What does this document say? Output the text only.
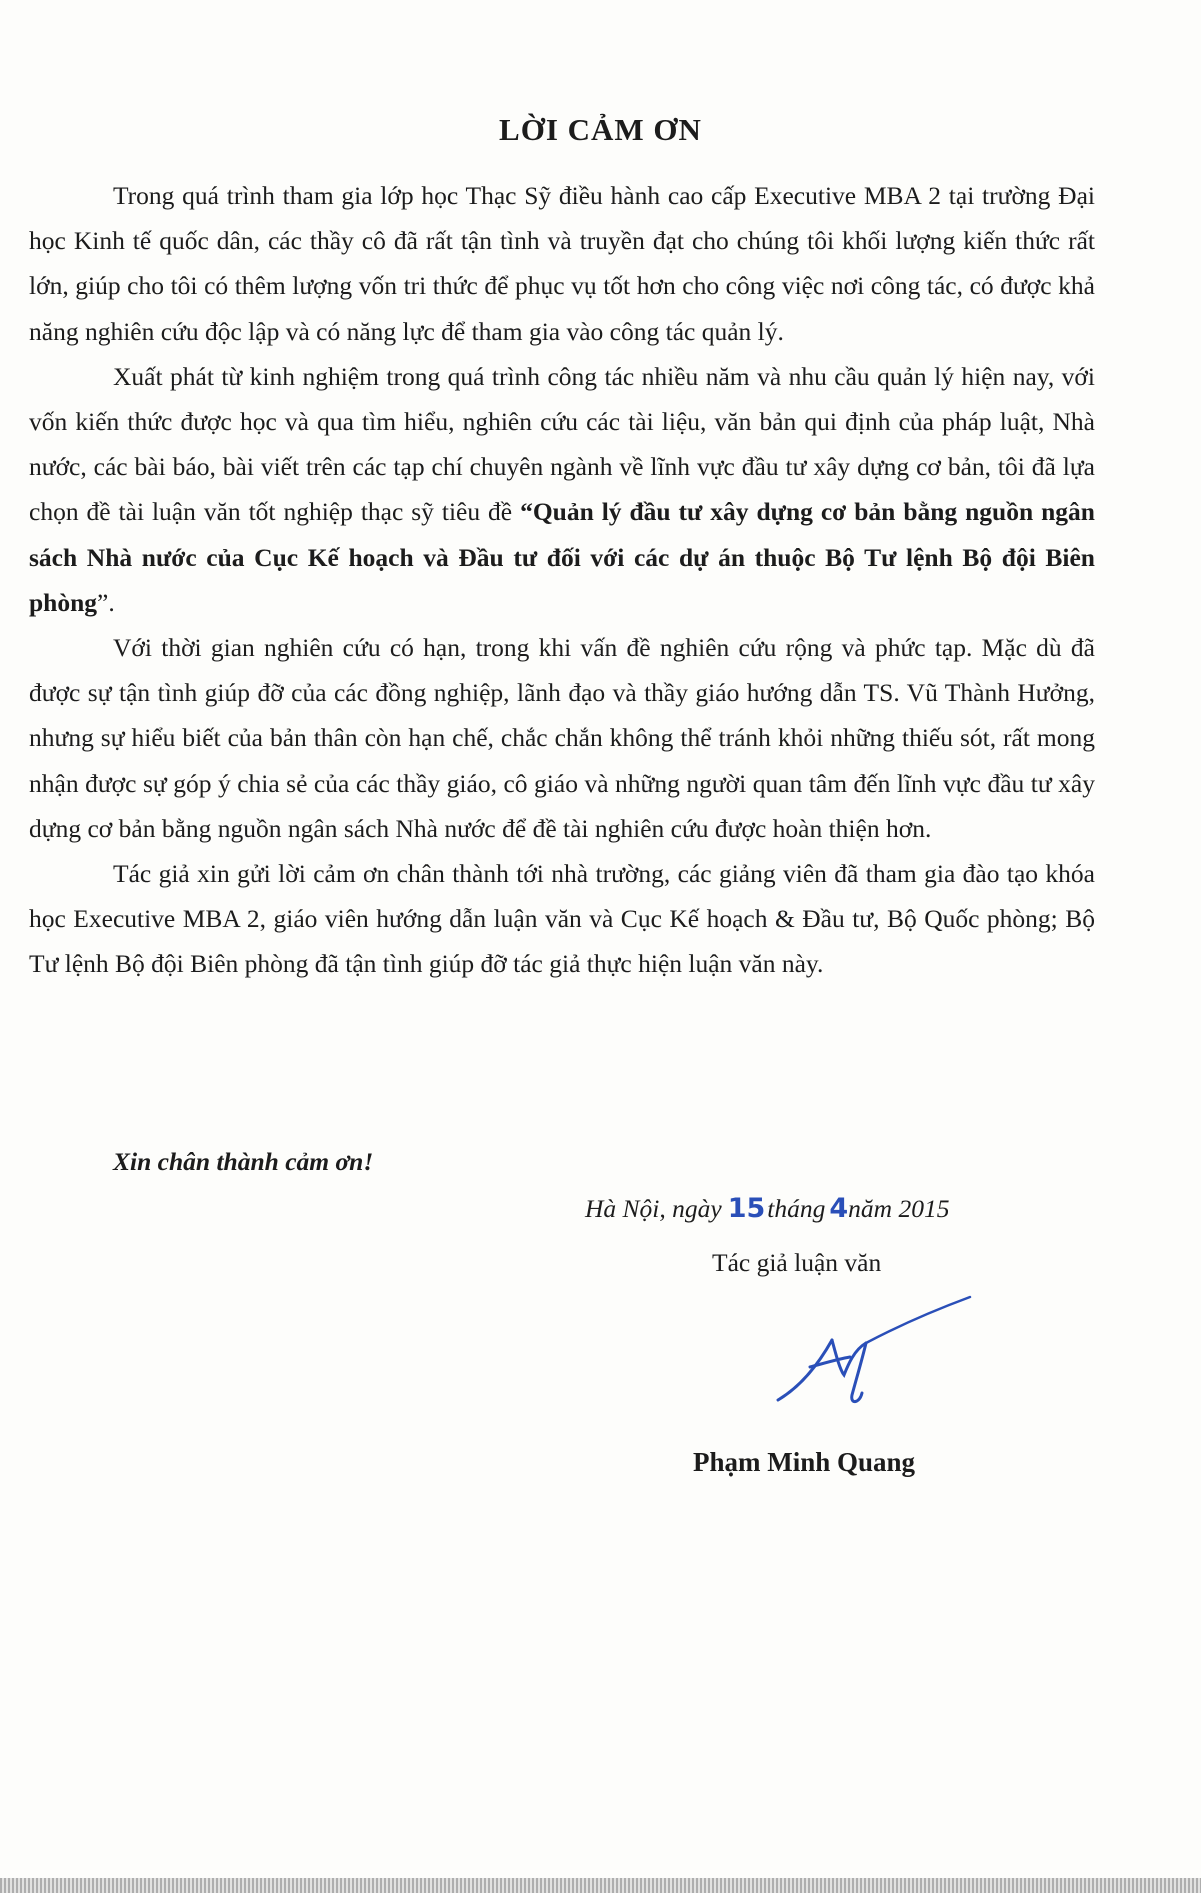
LỜI CẢM ƠN

Trong quá trình tham gia lớp học Thạc Sỹ điều hành cao cấp Executive MBA 2 tại trường Đại học Kinh tế quốc dân, các thầy cô đã rất tận tình và truyền đạt cho chúng tôi khối lượng kiến thức rất lớn, giúp cho tôi có thêm lượng vốn tri thức để phục vụ tốt hơn cho công việc nơi công tác, có được khả năng nghiên cứu độc lập và có năng lực để tham gia vào công tác quản lý.

Xuất phát từ kinh nghiệm trong quá trình công tác nhiều năm và nhu cầu quản lý hiện nay, với vốn kiến thức được học và qua tìm hiểu, nghiên cứu các tài liệu, văn bản qui định của pháp luật, Nhà nước, các bài báo, bài viết trên các tạp chí chuyên ngành về lĩnh vực đầu tư xây dựng cơ bản, tôi đã lựa chọn đề tài luận văn tốt nghiệp thạc sỹ tiêu đề “Quản lý đầu tư xây dựng cơ bản bằng nguồn ngân sách Nhà nước của Cục Kế hoạch và Đầu tư đối với các dự án thuộc Bộ Tư lệnh Bộ đội Biên phòng”.

Với thời gian nghiên cứu có hạn, trong khi vấn đề nghiên cứu rộng và phức tạp. Mặc dù đã được sự tận tình giúp đỡ của các đồng nghiệp, lãnh đạo và thầy giáo hướng dẫn TS. Vũ Thành Hưởng, nhưng sự hiểu biết của bản thân còn hạn chế, chắc chắn không thể tránh khỏi những thiếu sót, rất mong nhận được sự góp ý chia sẻ của các thầy giáo, cô giáo và những người quan tâm đến lĩnh vực đầu tư xây dựng cơ bản bằng nguồn ngân sách Nhà nước để đề tài nghiên cứu được hoàn thiện hơn.

Tác giả xin gửi lời cảm ơn chân thành tới nhà trường, các giảng viên đã tham gia đào tạo khóa học Executive MBA 2, giáo viên hướng dẫn luận văn và Cục Kế hoạch & Đầu tư, Bộ Quốc phòng; Bộ Tư lệnh Bộ đội Biên phòng đã tận tình giúp đỡ tác giả thực hiện luận văn này.

Xin chân thành cảm ơn!
Hà Nội, ngày 15tháng 4năm 2015
Tác giả luận văn
Phạm Minh Quang
